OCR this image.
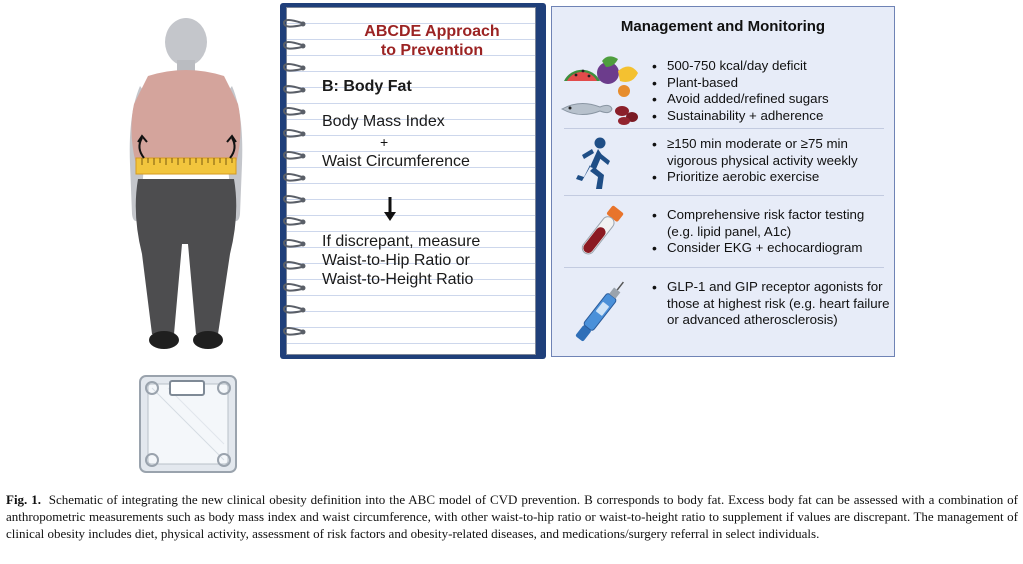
ABCDE Approach
to Prevention
B: Body Fat
Body Mass Index
+
Waist Circumference
If discrepant, measure
Waist-to-Hip Ratio or
Waist-to-Height Ratio
Management and Monitoring
• 500-750 kcal/day deficit
• Plant-based
• Avoid added/refined sugars
• Sustainability + adherence
• ≥150 min moderate or ≥75 min vigorous physical activity weekly
• Prioritize aerobic exercise
• Comprehensive risk factor testing (e.g. lipid panel, A1c)
• Consider EKG + echocardiogram
• GLP-1 and GIP receptor agonists for those at highest risk (e.g. heart failure or advanced atherosclerosis)

Fig. 1. Schematic of integrating the new clinical obesity definition into the ABC model of CVD prevention. B corresponds to body fat. Excess body fat can be assessed with a combination of anthropometric measurements such as body mass index and waist circumference, with other waist-to-hip ratio or waist-to-height ratio to supplement if values are discrepant. The management of clinical obesity includes diet, physical activity, assessment of risk factors and obesity-related diseases, and medications/surgery referral in select individuals.
